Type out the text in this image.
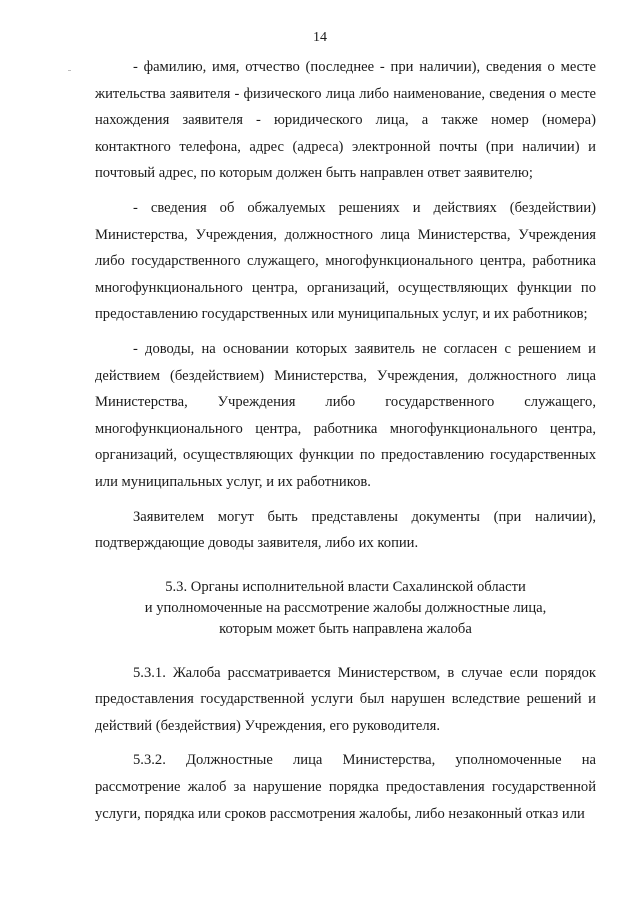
14

- фамилию, имя, отчество (последнее - при наличии), сведения о месте жительства заявителя - физического лица либо наименование, сведения о месте нахождения заявителя - юридического лица, а также номер (номера) контактного телефона, адрес (адреса) электронной почты (при наличии) и почтовый адрес, по которым должен быть направлен ответ заявителю;

- сведения об обжалуемых решениях и действиях (бездействии) Министерства, Учреждения, должностного лица Министерства, Учреждения либо государственного служащего, многофункционального центра, работника многофункционального центра, организаций, осуществляющих функции по предоставлению государственных или муниципальных услуг, и их работников;

- доводы, на основании которых заявитель не согласен с решением и действием (бездействием) Министерства, Учреждения, должностного лица Министерства, Учреждения либо государственного служащего, многофункционального центра, работника многофункционального центра, организаций, осуществляющих функции по предоставлению государственных или муниципальных услуг, и их работников.

Заявителем могут быть представлены документы (при наличии), подтверждающие доводы заявителя, либо их копии.

5.3. Органы исполнительной власти Сахалинской области
и уполномоченные на рассмотрение жалобы должностные лица,
которым может быть направлена жалоба

5.3.1. Жалоба рассматривается Министерством, в случае если порядок предоставления государственной услуги был нарушен вследствие решений и действий (бездействия) Учреждения, его руководителя.

5.3.2. Должностные лица Министерства, уполномоченные на рассмотрение жалоб за нарушение порядка предоставления государственной услуги, порядка или сроков рассмотрения жалобы, либо незаконный отказ или
